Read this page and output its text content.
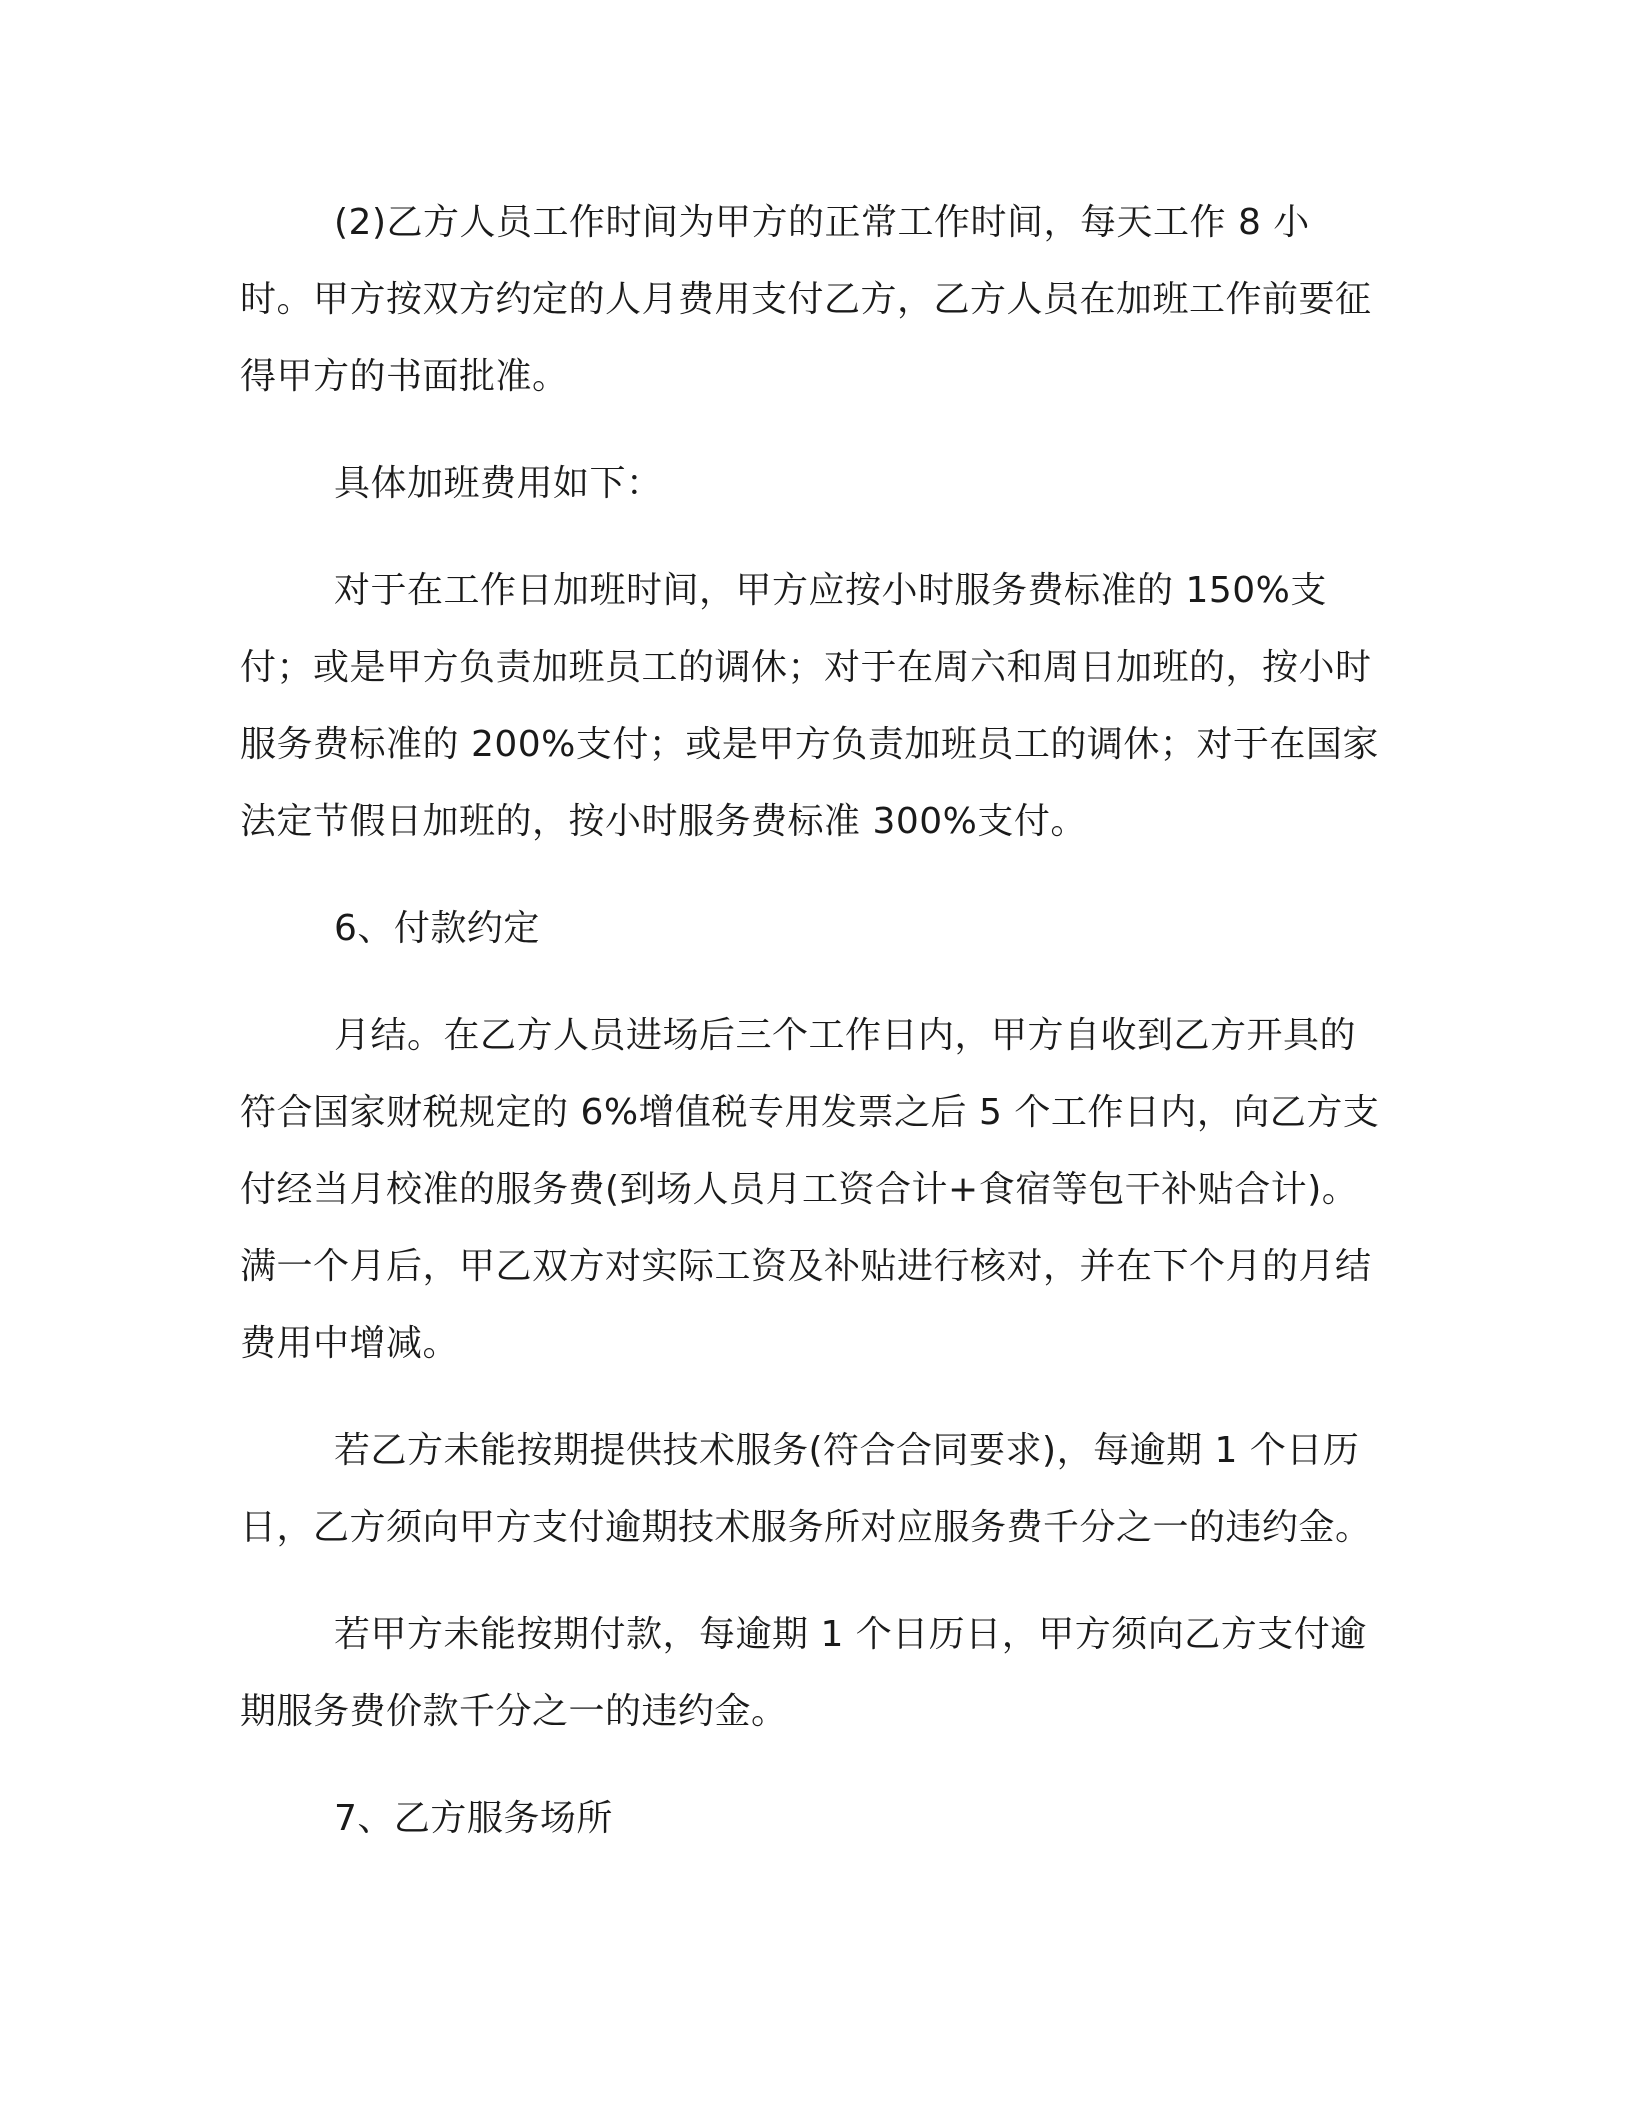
(2)乙方人员工作时间为甲方的正常工作时间，每天工作 8 小时。甲方按双方约定的人月费用支付乙方，乙方人员在加班工作前要征得甲方的书面批准。

具体加班费用如下：

对于在工作日加班时间，甲方应按小时服务费标准的 150%支付；或是甲方负责加班员工的调休；对于在周六和周日加班的，按小时服务费标准的 200%支付；或是甲方负责加班员工的调休；对于在国家法定节假日加班的，按小时服务费标准 300%支付。

6、付款约定

月结。在乙方人员进场后三个工作日内，甲方自收到乙方开具的符合国家财税规定的 6%增值税专用发票之后 5 个工作日内，向乙方支付经当月校准的服务费(到场人员月工资合计+食宿等包干补贴合计)。满一个月后，甲乙双方对实际工资及补贴进行核对，并在下个月的月结费用中增减。

若乙方未能按期提供技术服务(符合合同要求)，每逾期 1 个日历日，乙方须向甲方支付逾期技术服务所对应服务费千分之一的违约金。

若甲方未能按期付款，每逾期 1 个日历日，甲方须向乙方支付逾期服务费价款千分之一的违约金。

7、乙方服务场所
